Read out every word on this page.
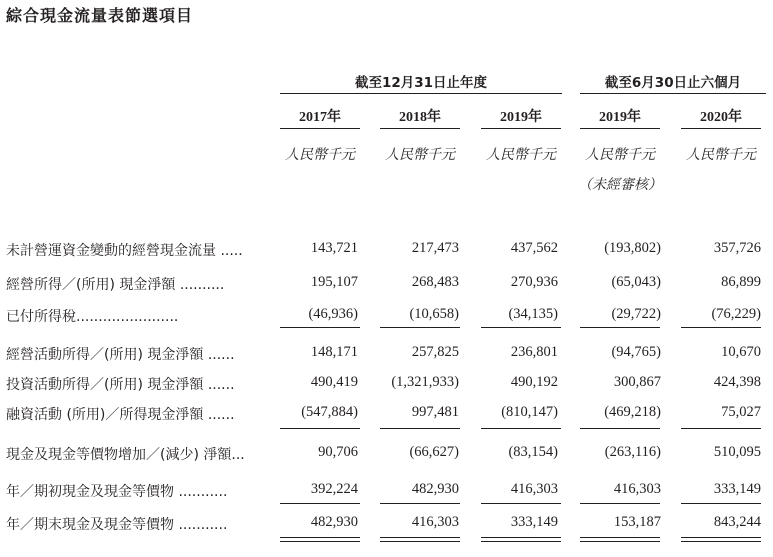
綜合現金流量表節選項目
截至12月31日止年度	截至6月30日止六個月
2017年	2018年	2019年	2019年	2020年
人民幣千元	人民幣千元	人民幣千元	人民幣千元	人民幣千元
（未經審核）
未計營運資金變動的經營現金流量 .....	143,721	217,473	437,562	(193,802)	357,726
經營所得／(所用) 現金淨額 ..........	195,107	268,483	270,936	(65,043)	86,899
已付所得稅.......................	(46,936)	(10,658)	(34,135)	(29,722)	(76,229)
經營活動所得／(所用) 現金淨額 ......	148,171	257,825	236,801	(94,765)	10,670
投資活動所得／(所用) 現金淨額 ......	490,419	(1,321,933)	490,192	300,867	424,398
融資活動 (所用)／所得現金淨額 ......	(547,884)	997,481	(810,147)	(469,218)	75,027
現金及現金等價物增加／(減少) 淨額...	90,706	(66,627)	(83,154)	(263,116)	510,095
年／期初現金及現金等價物 ...........	392,224	482,930	416,303	416,303	333,149
年／期末現金及現金等價物 ...........	482,930	416,303	333,149	153,187	843,244
